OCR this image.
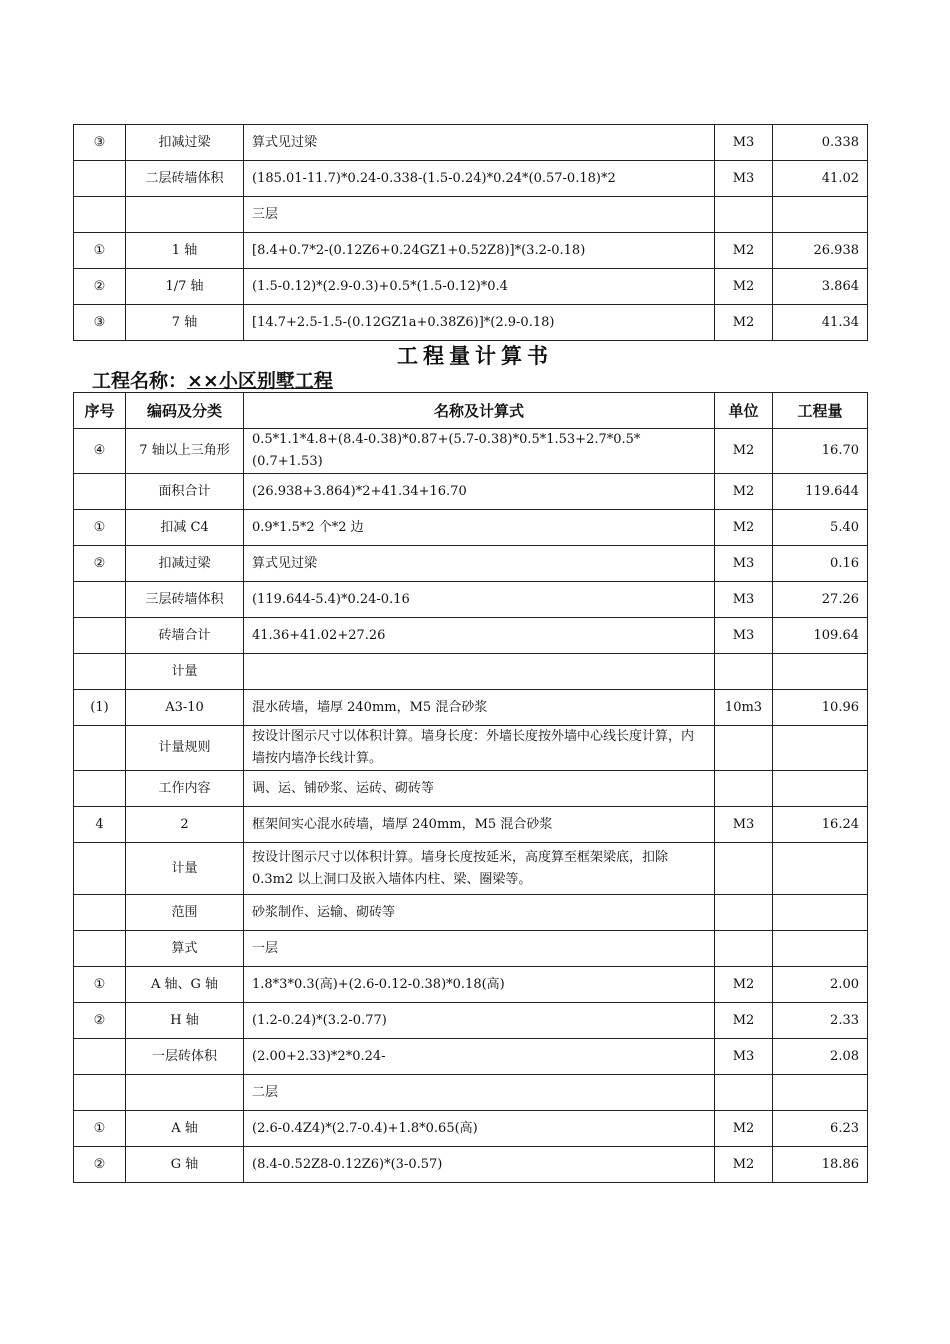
③	扣减过梁	算式见过梁	M3	0.338
	二层砖墙体积	(185.01-11.7)*0.24-0.338-(1.5-0.24)*0.24*(0.57-0.18)*2	M3	41.02
		三层		
①	1 轴	[8.4+0.7*2-(0.12Z6+0.24GZ1+0.52Z8)]*(3.2-0.18)	M2	26.938
②	1/7 轴	(1.5-0.12)*(2.9-0.3)+0.5*(1.5-0.12)*0.4	M2	3.864
③	7 轴	[14.7+2.5-1.5-(0.12GZ1a+0.38Z6)]*(2.9-0.18)	M2	41.34
工程量计算书

工程名称：××小区别墅工程

序号	编码及分类	名称及计算式	单位	工程量
④	7 轴以上三角形	0.5*1.1*4.8+(8.4-0.38)*0.87+(5.7-0.38)*0.5*1.53+2.7*0.5*(0.7+1.53)	M2	16.70
	面积合计	(26.938+3.864)*2+41.34+16.70	M2	119.644
①	扣减 C4	0.9*1.5*2 个*2 边	M2	5.40
②	扣减过梁	算式见过梁	M3	0.16
	三层砖墙体积	(119.644-5.4)*0.24-0.16	M3	27.26
	砖墙合计	41.36+41.02+27.26	M3	109.64
	计量			
(1)	A3-10	混水砖墙，墙厚 240mm，M5 混合砂浆	10m3	10.96
	计量规则	按设计图示尺寸以体积计算。墙身长度：外墙长度按外墙中心线长度计算，内墙按内墙净长线计算。		
	工作内容	调、运、铺砂浆、运砖、砌砖等		
4	2	框架间实心混水砖墙，墙厚 240mm，M5 混合砂浆	M3	16.24
	计量	按设计图示尺寸以体积计算。墙身长度按延米，高度算至框架梁底，扣除 0.3m2 以上洞口及嵌入墙体内柱、梁、圈梁等。		
	范围	砂浆制作、运输、砌砖等		
	算式	一层		
①	A 轴、G 轴	1.8*3*0.3(高)+(2.6-0.12-0.38)*0.18(高)	M2	2.00
②	H 轴	(1.2-0.24)*(3.2-0.77)	M2	2.33
	一层砖体积	(2.00+2.33)*2*0.24-	M3	2.08
		二层		
①	A 轴	(2.6-0.4Z4)*(2.7-0.4)+1.8*0.65(高)	M2	6.23
②	G 轴	(8.4-0.52Z8-0.12Z6)*(3-0.57)	M2	18.86
